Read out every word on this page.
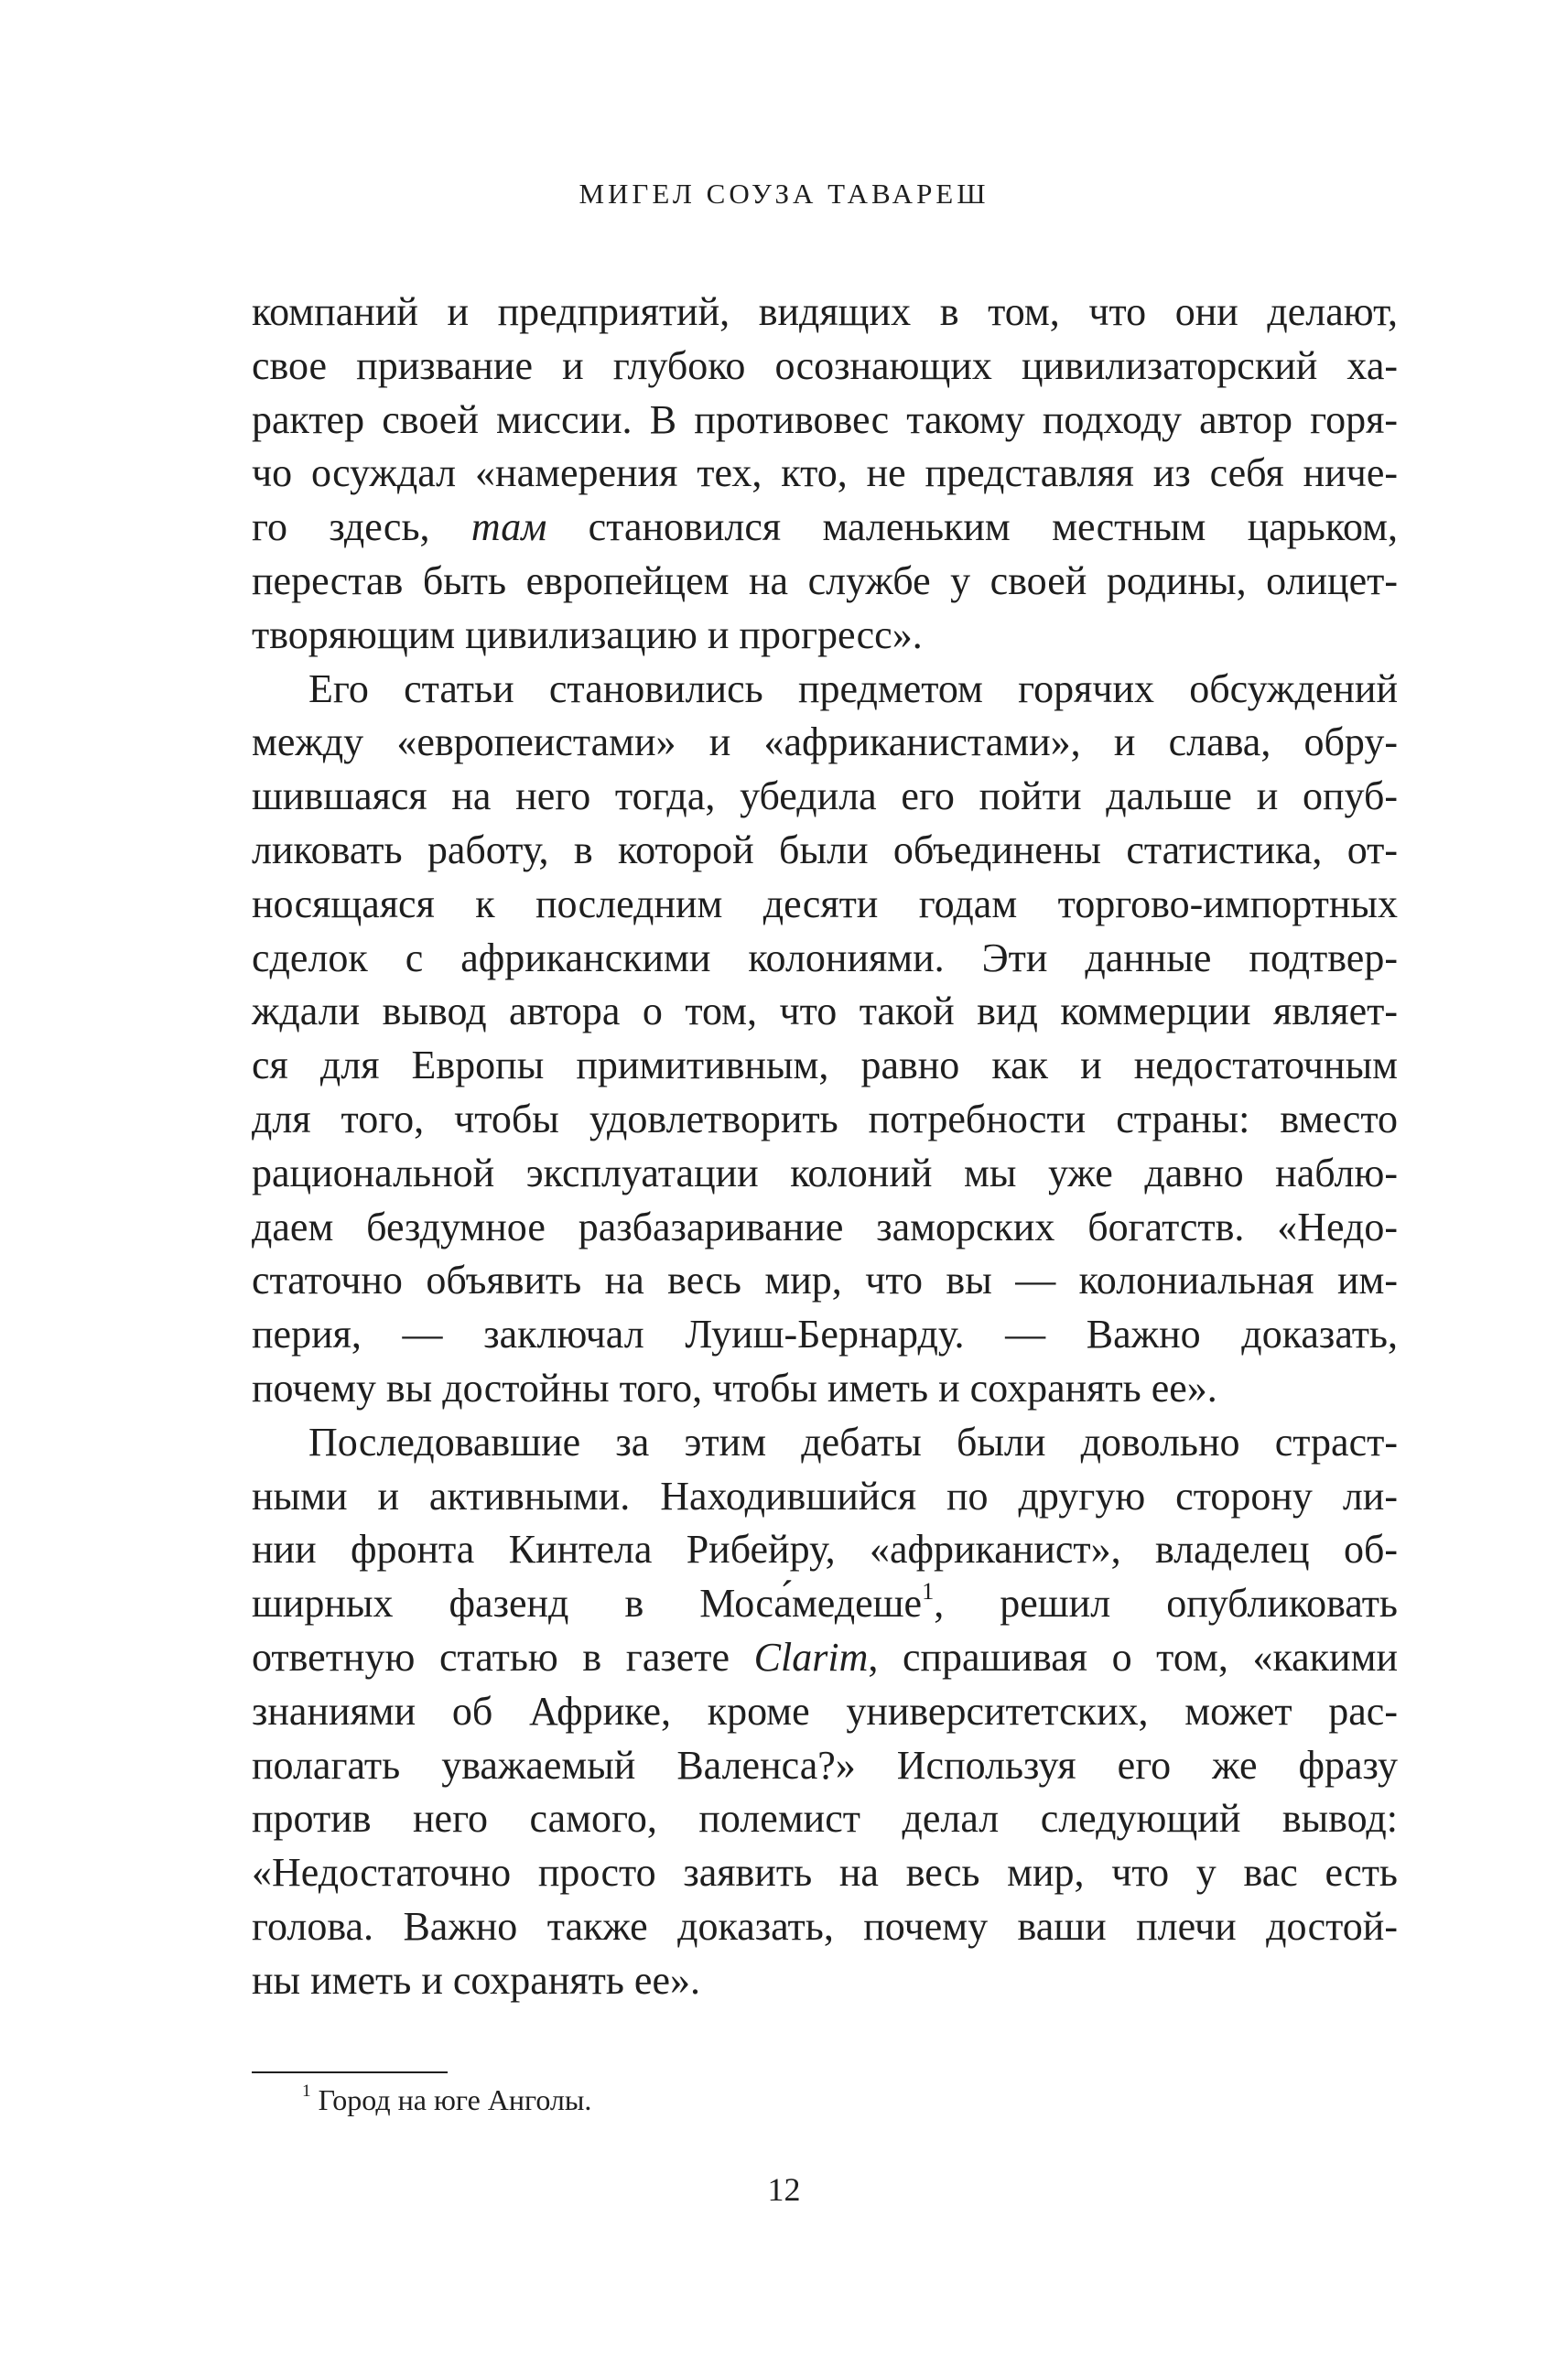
МИГЕЛ СОУЗА ТАВАРЕШ
компаний и предприятий, видящих в том, что они делают,
свое призвание и глубоко осознающих цивилизаторский ха-
рактер своей миссии. В противовес такому подходу автор горя-
чо осуждал «намерения тех, кто, не представляя из себя ниче-
го здесь, там становился маленьким местным царьком,
перестав быть европейцем на службе у своей родины, олицет-
творяющим цивилизацию и прогресс».
Его статьи становились предметом горячих обсуждений
между «европеистами» и «африканистами», и слава, обру-
шившаяся на него тогда, убедила его пойти дальше и опуб-
ликовать работу, в которой были объединены статистика, от-
носящаяся к последним десяти годам торгово-импортных
сделок с африканскими колониями. Эти данные подтвер-
ждали вывод автора о том, что такой вид коммерции являет-
ся для Европы примитивным, равно как и недостаточным
для того, чтобы удовлетворить потребности страны: вместо
рациональной эксплуатации колоний мы уже давно наблю-
даем бездумное разбазаривание заморских богатств. «Недо-
статочно объявить на весь мир, что вы — колониальная им-
перия, — заключал Луиш-Бернарду. — Важно доказать,
почему вы достойны того, чтобы иметь и сохранять ее».
Последовавшие за этим дебаты были довольно страст-
ными и активными. Находившийся по другую сторону ли-
нии фронта Кинтела Рибейру, «африканист», владелец об-
ширных фазенд в Моса́медеше$^1$, решил опубликовать
ответную статью в газете Clarim, спрашивая о том, «какими
знаниями об Африке, кроме университетских, может рас-
полагать уважаемый Валенса?» Используя его же фразу
против него самого, полемист делал следующий вывод:
«Недостаточно просто заявить на весь мир, что у вас есть
голова. Важно также доказать, почему ваши плечи достой-
ны иметь и сохранять ее».
$^1$ Город на юге Анголы.
12
